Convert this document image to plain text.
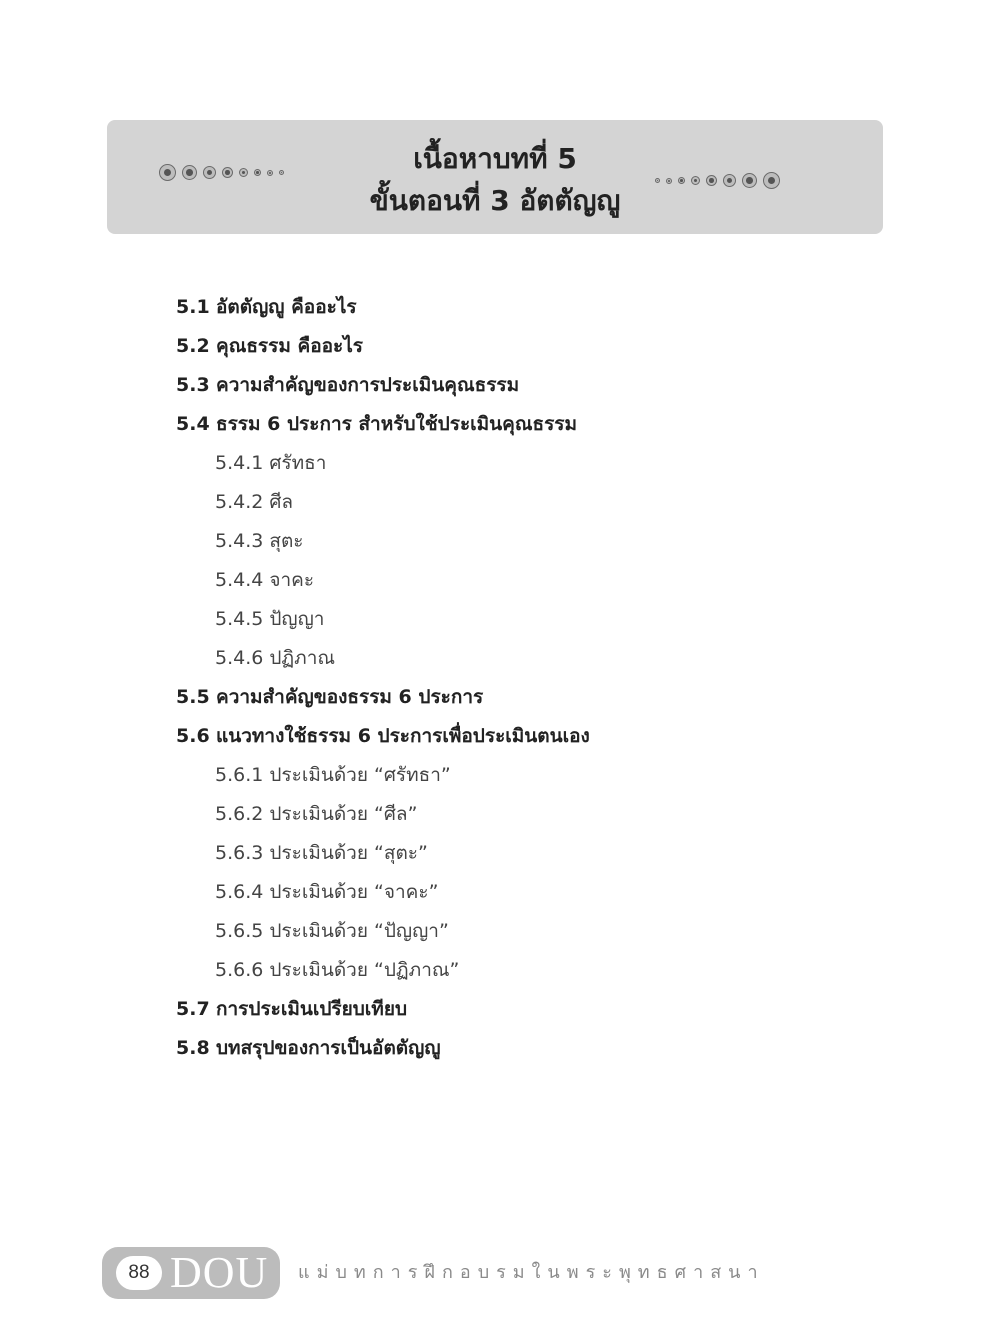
เนื้อหาบทที่ 5
ขั้นตอนที่ 3 อัตตัญญู
5.1 อัตตัญญู คืออะไร
5.2 คุณธรรม คืออะไร
5.3 ความสำคัญของการประเมินคุณธรรม
5.4 ธรรม 6 ประการ สำหรับใช้ประเมินคุณธรรม
5.4.1 ศรัทธา
5.4.2 ศีล
5.4.3 สุตะ
5.4.4 จาคะ
5.4.5 ปัญญา
5.4.6 ปฏิภาณ
5.5 ความสำคัญของธรรม 6 ประการ
5.6 แนวทางใช้ธรรม 6 ประการเพื่อประเมินตนเอง
5.6.1 ประเมินด้วย “ศรัทธา”
5.6.2 ประเมินด้วย “ศีล”
5.6.3 ประเมินด้วย “สุตะ”
5.6.4 ประเมินด้วย “จาคะ”
5.6.5 ประเมินด้วย “ปัญญา”
5.6.6 ประเมินด้วย “ปฏิภาณ”
5.7 การประเมินเปรียบเทียบ
5.8 บทสรุปของการเป็นอัตตัญญู
88 DOU แม่บทการฝึกอบรมในพระพุทธศาสนา
